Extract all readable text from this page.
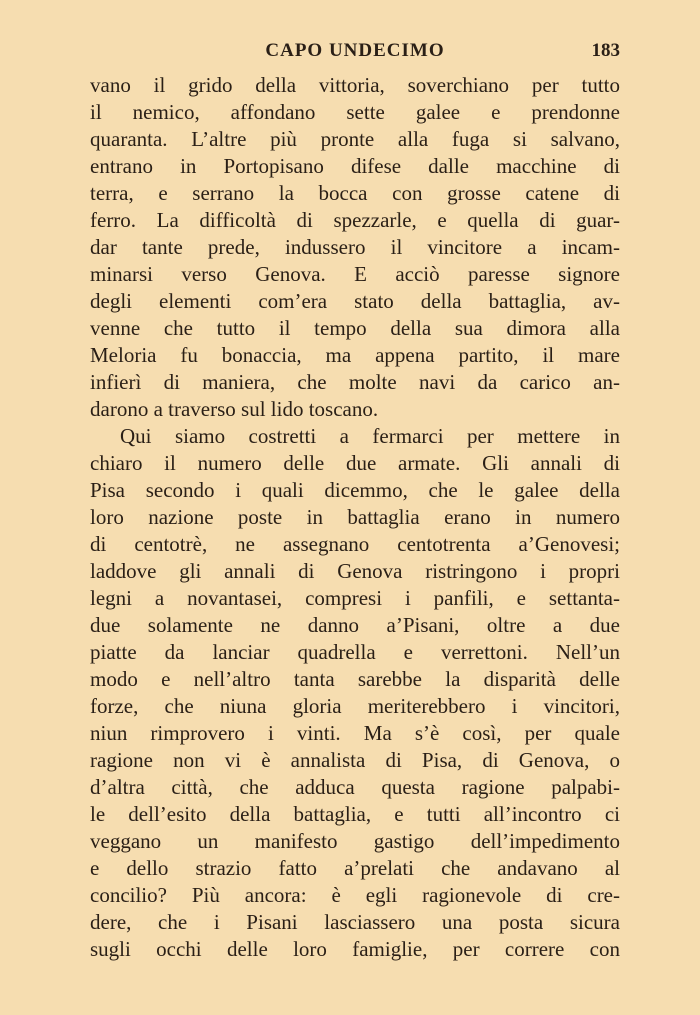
CAPO UNDECIMO	183
vano il grido della vittoria, soverchiano per tutto
il nemico, affondano sette galee e prendonne
quaranta. L’altre più pronte alla fuga si salvano,
entrano in Portopisano difese dalle macchine di
terra, e serrano la bocca con grosse catene di
ferro. La difficoltà di spezzarle, e quella di guar-
dar tante prede, indussero il vincitore a incam-
minarsi verso Genova. E acciò paresse signore
degli elementi com’era stato della battaglia, av-
venne che tutto il tempo della sua dimora alla
Meloria fu bonaccia, ma appena partito, il mare
infierì di maniera, che molte navi da carico an-
darono a traverso sul lido toscano.
Qui siamo costretti a fermarci per mettere in
chiaro il numero delle due armate. Gli annali di
Pisa secondo i quali dicemmo, che le galee della
loro nazione poste in battaglia erano in numero
di centotrè, ne assegnano centotrenta a’Genovesi;
laddove gli annali di Genova ristringono i propri
legni a novantasei, compresi i panfili, e settanta-
due solamente ne danno a’Pisani, oltre a due
piatte da lanciar quadrella e verrettoni. Nell’un
modo e nell’altro tanta sarebbe la disparità delle
forze, che niuna gloria meriterebbero i vincitori,
niun rimprovero i vinti. Ma s’è così, per quale
ragione non vi è annalista di Pisa, di Genova, o
d’altra città, che adduca questa ragione palpabi-
le dell’esito della battaglia, e tutti all’incontro ci
veggano un manifesto gastigo dell’impedimento
e dello strazio fatto a’prelati che andavano al
concilio? Più ancora: è egli ragionevole di cre-
dere, che i Pisani lasciassero una posta sicura
sugli occhi delle loro famiglie, per correre con
